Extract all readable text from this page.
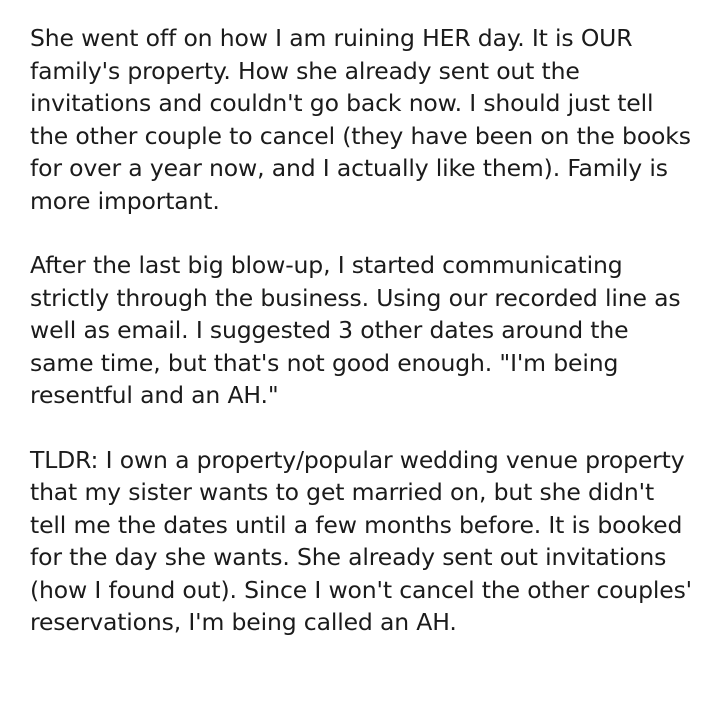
She went off on how I am ruining HER day. It is OUR family's property. How she already sent out the invitations and couldn't go back now. I should just tell the other couple to cancel (they have been on the books for over a year now, and I actually like them). Family is more important.

After the last big blow-up, I started communicating strictly through the business. Using our recorded line as well as email. I suggested 3 other dates around the same time, but that's not good enough. "I'm being resentful and an AH."

TLDR: I own a property/popular wedding venue property that my sister wants to get married on, but she didn't tell me the dates until a few months before. It is booked for the day she wants. She already sent out invitations (how I found out). Since I won't cancel the other couples' reservations, I'm being called an AH.
